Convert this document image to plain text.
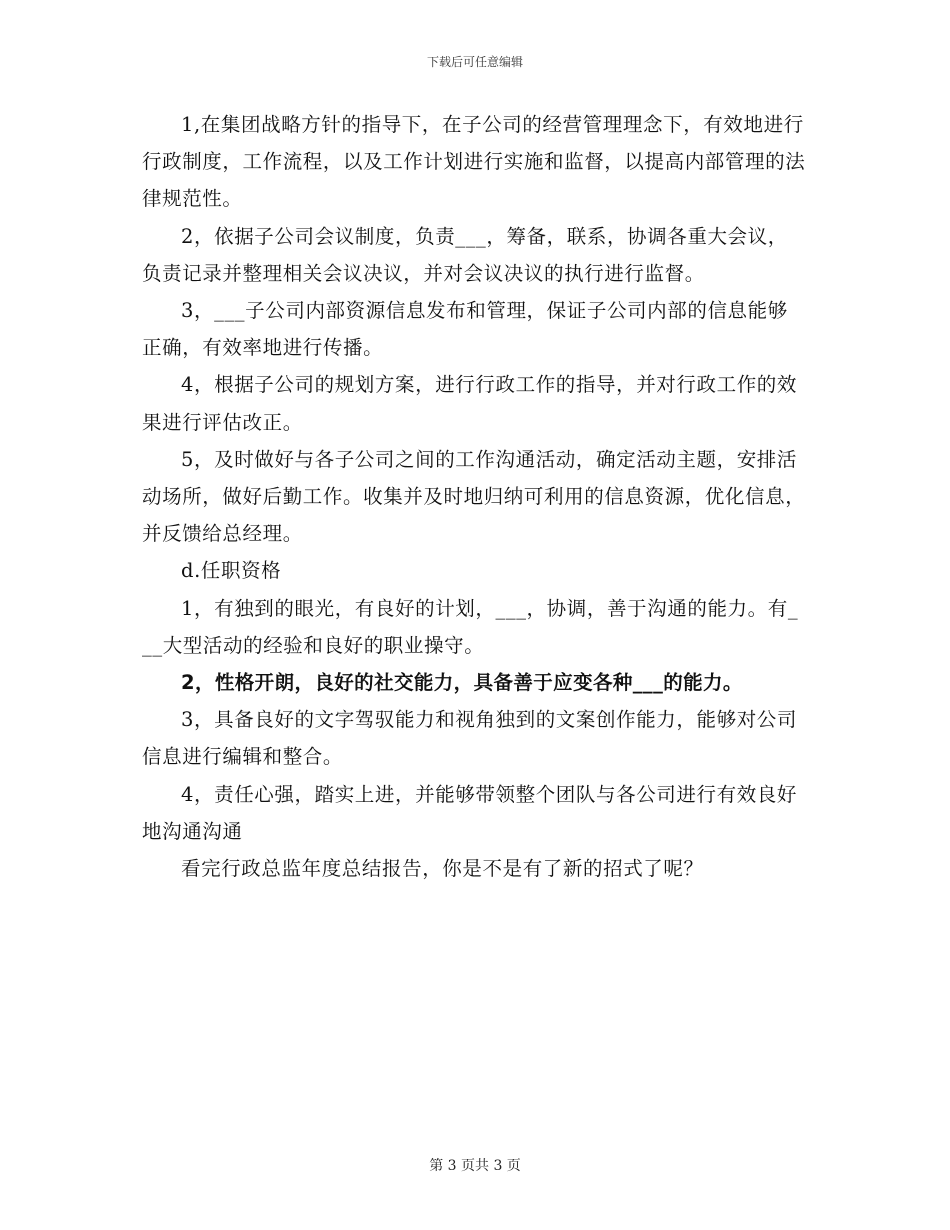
下载后可任意编辑

1,在集团战略方针的指导下，在子公司的经营管理理念下，有效地进行行政制度，工作流程，以及工作计划进行实施和监督，以提高内部管理的法律规范性。

2，依据子公司会议制度，负责___，筹备，联系，协调各重大会议，负责记录并整理相关会议决议，并对会议决议的执行进行监督。

3，___子公司内部资源信息发布和管理，保证子公司内部的信息能够正确，有效率地进行传播。

4，根据子公司的规划方案，进行行政工作的指导，并对行政工作的效果进行评估改正。

5，及时做好与各子公司之间的工作沟通活动，确定活动主题，安排活动场所，做好后勤工作。收集并及时地归纳可利用的信息资源，优化信息，并反馈给总经理。

d.任职资格

1，有独到的眼光，有良好的计划，___，协调，善于沟通的能力。有___大型活动的经验和良好的职业操守。

2，性格开朗，良好的社交能力，具备善于应变各种___的能力。

3，具备良好的文字驾驭能力和视角独到的文案创作能力，能够对公司信息进行编辑和整合。

4，责任心强，踏实上进，并能够带领整个团队与各公司进行有效良好地沟通沟通

看完行政总监年度总结报告，你是不是有了新的招式了呢？

第 3 页共 3 页
